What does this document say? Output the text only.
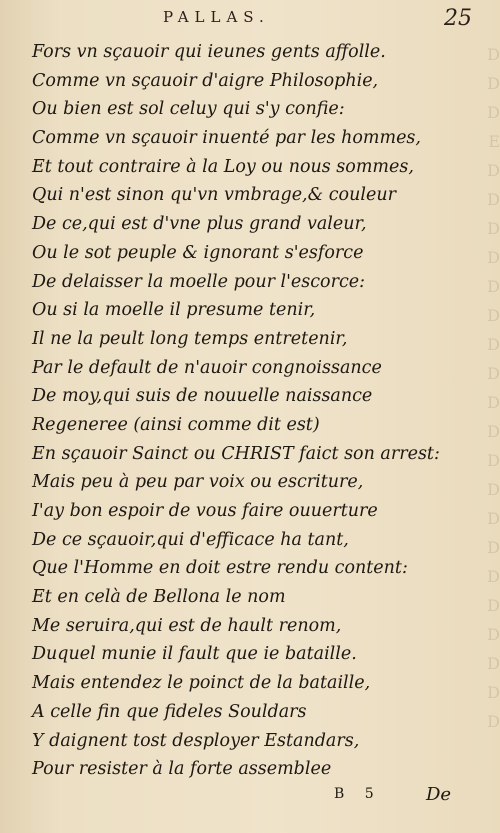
D
D
D
E
D
D
D
D
D
D
D
D
D
D
D
D
D
D
D
D
D
D
D
D
PALLAS.	25
Fors vn sçauoir qui ieunes gents affolle.
Comme vn sçauoir d'aigre Philosophie,
Ou bien est sol celuy qui s'y confie:
Comme vn sçauoir inuenté par les hommes,
Et tout contraire à la Loy ou nous sommes,
Qui n'est sinon qu'vn vmbrage,& couleur
De ce,qui est d'vne plus grand valeur,
Ou le sot peuple & ignorant s'esforce
De delaisser la moelle pour l'escorce:
Ou si la moelle il presume tenir,
Il ne la peult long temps entretenir,
Par le default de n'auoir congnoissance
De moy,qui suis de nouuelle naissance
Regeneree (ainsi comme dit est)
En sçauoir Sainct ou CHRIST faict son arrest:
Mais peu à peu par voix ou escriture,
I'ay bon espoir de vous faire ouuerture
De ce sçauoir,qui d'efficace ha tant,
Que l'Homme en doit estre rendu content:
Et en celà de Bellona le nom
Me seruira,qui est de hault renom,
Duquel munie il fault que ie bataille.
Mais entendez le poinct de la bataille,
A celle fin que fideles Souldars
Y daignent tost desployer Estandars,
Pour resister à la forte assemblee
B 5 De
